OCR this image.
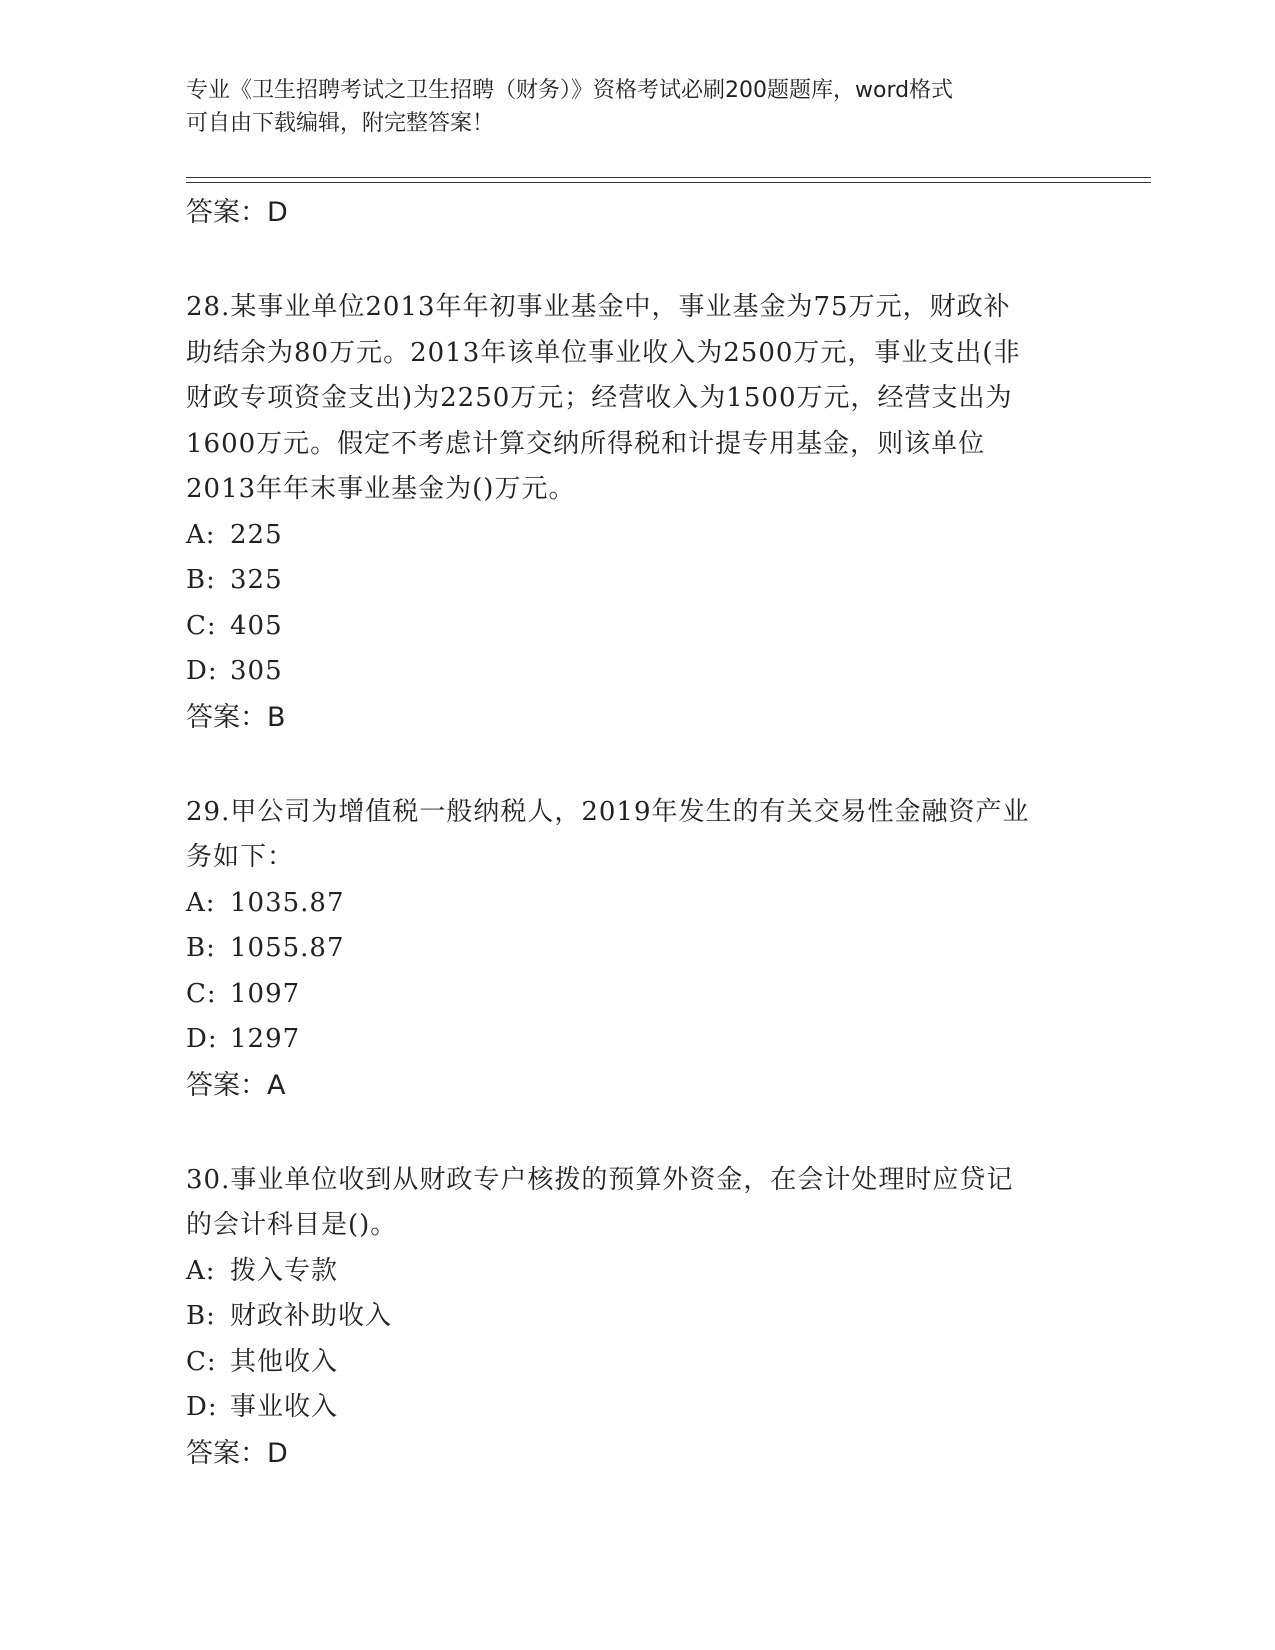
专业《卫生招聘考试之卫生招聘（财务）》资格考试必刷200题题库，word格式
可自由下载编辑，附完整答案！

答案：D

28.某事业单位2013年年初事业基金中，事业基金为75万元，财政补

助结余为80万元。2013年该单位事业收入为2500万元，事业支出(非

财政专项资金支出)为2250万元；经营收入为1500万元，经营支出为

1600万元。假定不考虑计算交纳所得税和计提专用基金，则该单位

2013年年末事业基金为()万元。

A: 225

B: 325

C: 405

D: 305

答案：B

29.甲公司为增值税一般纳税人，2019年发生的有关交易性金融资产业

务如下：

A: 1035.87

B: 1055.87

C: 1097

D: 1297

答案：A

30.事业单位收到从财政专户核拨的预算外资金，在会计处理时应贷记

的会计科目是()。

A: 拨入专款

B: 财政补助收入

C: 其他收入

D: 事业收入

答案：D
